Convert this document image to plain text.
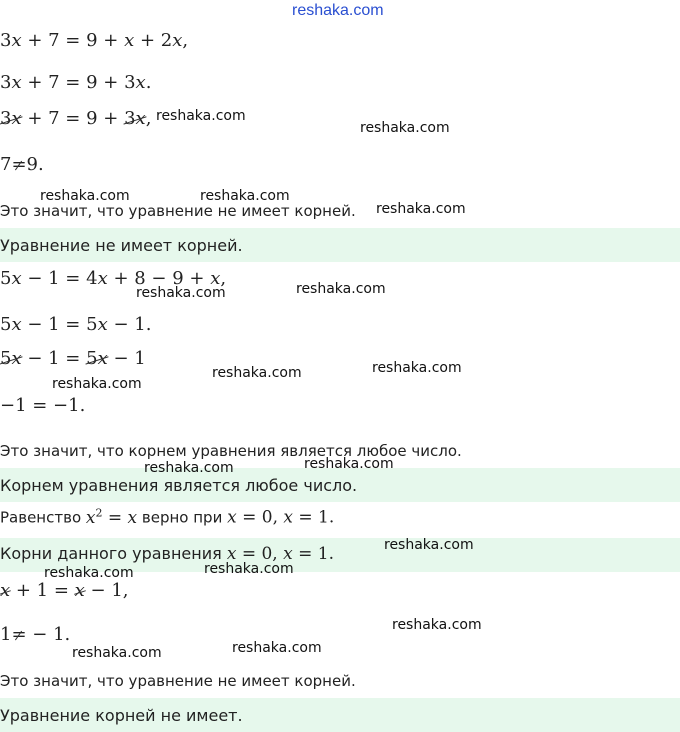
reshaka.com
3x + 7 = 9 + x + 2x,
3x + 7 = 9 + 3x.
3x + 7 = 9 + 3x,
7=9.
Это значит, что уравнение не имеет корней.
Уравнение не имеет корней.
5x − 1 = 4x + 8 − 9 + x,
5x − 1 = 5x − 1.
5x − 1 = 5x − 1
−1 = −1.
Это значит, что корнем уравнения является любое число.
Корнем уравнения является любое число.
Равенство $x^2 = x$ верно при x = 0, x = 1.
Корни данного уравнения x = 0, x = 1.
x + 1 = x − 1,
1= − 1.
Это значит, что уравнение не имеет корней.
Уравнение корней не имеет.
reshaka.com
reshaka.com
reshaka.com	reshaka.com
reshaka.com
reshaka.com	reshaka.com
reshaka.com
reshaka.com	reshaka.com
reshaka.com	reshaka.com
reshaka.com
reshaka.com	reshaka.com
reshaka.com
reshaka.com	reshaka.com
